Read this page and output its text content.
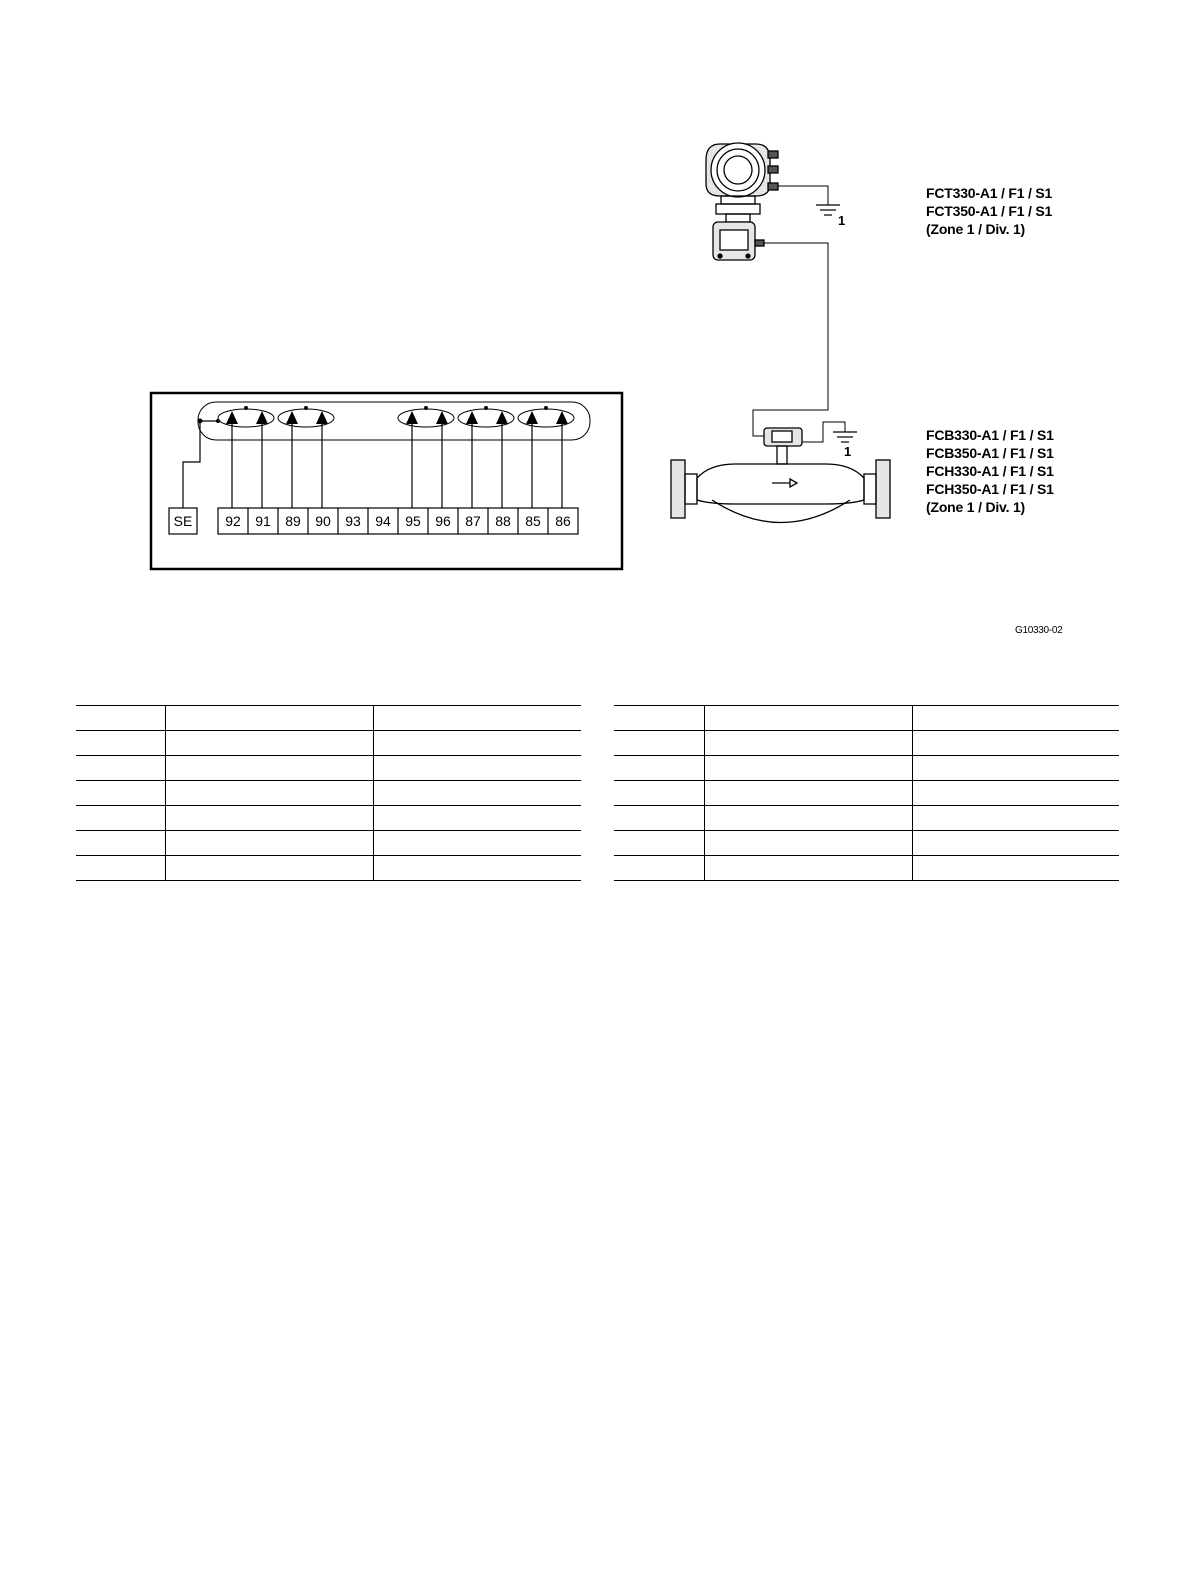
SE 92 91 89 90 93 94 95 96 87 88 85 86
1
1
FCT330-A1 / F1 / S1
FCT350-A1 / F1 / S1
(Zone 1 / Div. 1)
FCB330-A1 / F1 / S1
FCB350-A1 / F1 / S1
FCH330-A1 / F1 / S1
FCH350-A1 / F1 / S1
(Zone 1 / Div. 1)
G10330-02
